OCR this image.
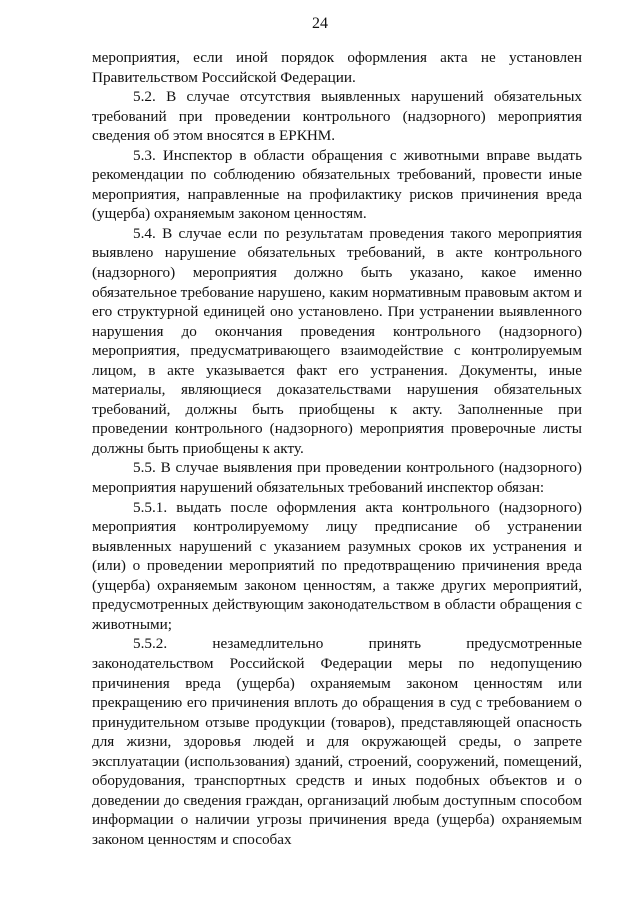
24

мероприятия, если иной порядок оформления акта не установлен Правительством Российской Федерации.

5.2. В случае отсутствия выявленных нарушений обязательных требований при проведении контрольного (надзорного) мероприятия сведения об этом вносятся в ЕРКНМ.

5.3. Инспектор в области обращения с животными вправе выдать рекомендации по соблюдению обязательных требований, провести иные мероприятия, направленные на профилактику рисков причинения вреда (ущерба) охраняемым законом ценностям.

5.4. В случае если по результатам проведения такого мероприятия выявлено нарушение обязательных требований, в акте контрольного (надзорного) мероприятия должно быть указано, какое именно обязательное требование нарушено, каким нормативным правовым актом и его структурной единицей оно установлено. При устранении выявленного нарушения до окончания проведения контрольного (надзорного) мероприятия, предусматривающего взаимодействие с контролируемым лицом, в акте указывается факт его устранения. Документы, иные материалы, являющиеся доказательствами нарушения обязательных требований, должны быть приобщены к акту. Заполненные при проведении контрольного (надзорного) мероприятия проверочные листы должны быть приобщены к акту.

5.5. В случае выявления при проведении контрольного (надзорного) мероприятия нарушений обязательных требований инспектор обязан:

5.5.1. выдать после оформления акта контрольного (надзорного) мероприятия контролируемому лицу предписание об устранении выявленных нарушений с указанием разумных сроков их устранения и (или) о проведении мероприятий по предотвращению причинения вреда (ущерба) охраняемым законом ценностям, а также других мероприятий, предусмотренных действующим законодательством в области обращения с животными;

5.5.2. незамедлительно принять предусмотренные законодательством Российской Федерации меры по недопущению причинения вреда (ущерба) охраняемым законом ценностям или прекращению его причинения вплоть до обращения в суд с требованием о принудительном отзыве продукции (товаров), представляющей опасность для жизни, здоровья людей и для окружающей среды, о запрете эксплуатации (использования) зданий, строений, сооружений, помещений, оборудования, транспортных средств и иных подобных объектов и о доведении до сведения граждан, организаций любым доступным способом информации о наличии угрозы причинения вреда (ущерба) охраняемым законом ценностям и способах
